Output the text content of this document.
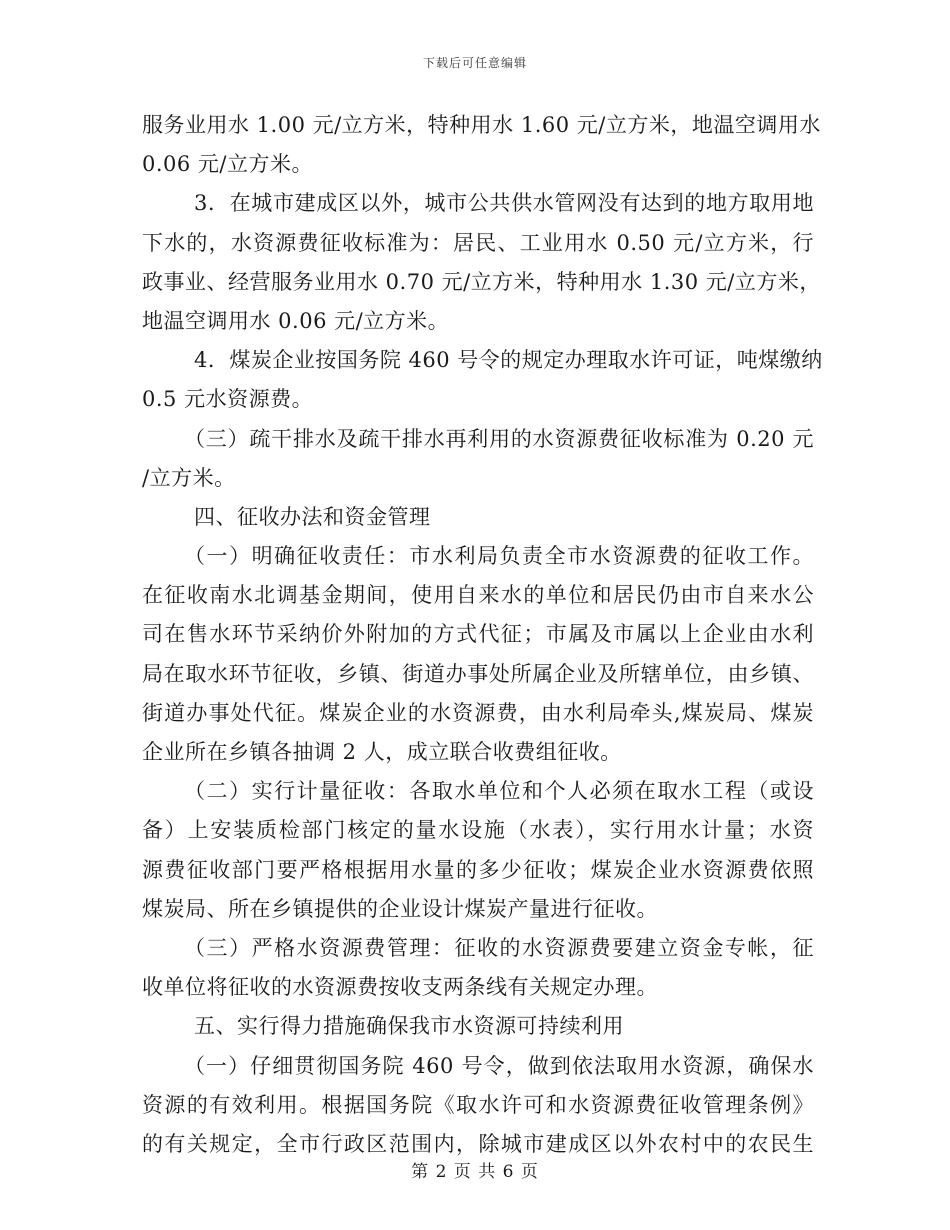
下载后可任意编辑
服务业用水 1.00 元/立方米，特种用水 1.60 元/立方米，地温空调用水
0.06 元/立方米。
3．在城市建成区以外，城市公共供水管网没有达到的地方取用地
下水的，水资源费征收标准为：居民、工业用水 0.50 元/立方米，行
政事业、经营服务业用水 0.70 元/立方米，特种用水 1.30 元/立方米，
地温空调用水 0.06 元/立方米。
4．煤炭企业按国务院 460 号令的规定办理取水许可证，吨煤缴纳
0.5 元水资源费。
（三）疏干排水及疏干排水再利用的水资源费征收标准为 0.20 元
/立方米。
四、征收办法和资金管理
（一）明确征收责任：市水利局负责全市水资源费的征收工作。
在征收南水北调基金期间，使用自来水的单位和居民仍由市自来水公
司在售水环节采纳价外附加的方式代征；市属及市属以上企业由水利
局在取水环节征收，乡镇、街道办事处所属企业及所辖单位，由乡镇、
街道办事处代征。煤炭企业的水资源费，由水利局牵头,煤炭局、煤炭
企业所在乡镇各抽调 2 人，成立联合收费组征收。
（二）实行计量征收：各取水单位和个人必须在取水工程（或设
备）上安装质检部门核定的量水设施（水表），实行用水计量；水资
源费征收部门要严格根据用水量的多少征收；煤炭企业水资源费依照
煤炭局、所在乡镇提供的企业设计煤炭产量进行征收。
（三）严格水资源费管理：征收的水资源费要建立资金专帐，征
收单位将征收的水资源费按收支两条线有关规定办理。
五、实行得力措施确保我市水资源可持续利用
（一）仔细贯彻国务院 460 号令，做到依法取用水资源，确保水
资源的有效利用。根据国务院《取水许可和水资源费征收管理条例》
的有关规定，全市行政区范围内，除城市建成区以外农村中的农民生
第 2 页 共 6 页
